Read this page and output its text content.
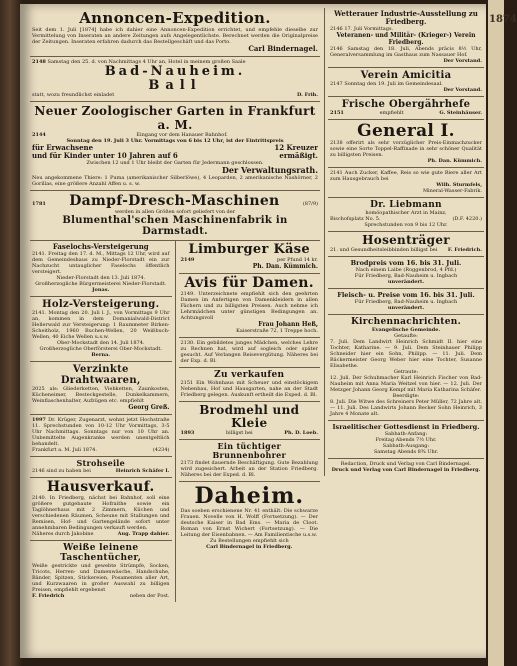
1874
Annoncen-Expedition.
Seit dem 1. Juli [1874] habe ich dahier eine Annoncen-Expedition errichtet, und empfehle dieselbe zur Vermittelung von Inseraten an andere Zeitungen aufs Angelegentlichste. Berechnet werden die Originalpreise der Zeitungen. Inseraten erfahren dadurch das Bestellgeschäft und das Porto.
Carl Bindernagel.
2148 Samstag den 25. d. von Nachmittags 4 Uhr an, Hotel in meinem großen Saale
Bad-Nauheim.
Ball
statt, wozu freundlichst einladet	D. Frih.
Neuer Zoologischer Garten in Frankfurt a. M.
2144	Eingang vor dem Hanauer Bahnhof.
Sonntag den 19. Juli 3 Uhr. Vormittags von 6 bis 12 Uhr, ist der Eintrittspreis
für Erwachsene	12 Kreuzer
und für Kinder unter 10 Jahren auf 6	ermäßigt.
Zwischen 12 und 1 Uhr bleibt der Garten für Jedermann geschlossen.
Der Verwaltungsrath.
Neu angekommene Thiere: 1 Puma (amerikanischer Silberlöwe), 4 Leoparden, 2 amerikanische Nashörner, 2 Gorillas, eine größere Anzahl Affen u. s. w.
1781 Dampf-Dresch-Maschinen	(87/9)
werden in allen Größen sofort geliefert von der
Blumenthal'schen Maschinenfabrik in Darmstadt.
Faselochs-Versteigerung
2141. Freitag den 17. d. M., Mittags 12 Uhr, wird auf dem Gemeindeshaus zu Nieder-Florstadt ein zur Nachzucht untauglicher Faselochs öffentlich versteigert.
Nieder-Florstadt den 13. Juli 1874.
Großherzogliche Bürgermeisterei Nieder-Florstadt.
Jonas.
Holz-Versteigerung.
2141. Montag den 20. Juli l. J., von Vormittags 9 Uhr an, kommen in dem Domanialwald-District Hellerwald zur Versteigerung: 1 Raummeter Birken-Scheitholz, 1960 Buchen-Wellen, 20 Weißbuch-Wellen, 40 Eiche Wellen u.s.w.
Ober-Mockstadt den 14. Juli 1874.
Großherzogliche Oberförsterei Ober-Mockstadt.
Berna.
Verzinkte Drahtwaaren,
2025 als: Gliederketten, Viehketten, Zaunkosten, Kücheneimer, Besteckgestelle, Dunkelkammern, Weinflaschenhalter, Aufzügen etc. empfiehlt
Georg Greß.
1997 Dr. Krüger, Zugenarzt, wohnt jetzt Hochstraße 11. Sprechstunden von 10-12 Uhr Vormittags, 3-5 Uhr Nachmittags. Sonntags nur von 10 Uhr an. Unbemittelte Augenkranke werden unentgeltlich behandelt.
Frankfurt a. M. Juli 1874.	(4234)
Strohseile
2146 sind zu haben bei	Heinrich Schäfer I.
Hausverkauf.
2140. In Friedberg, nächst bei Bahnhof, soll eine größere gutgebaute Hofraithe sowie ein Taglöhnerhaus mit 2 Zimmern, Küchen und verschiedenen Räumen, Scheune mit Stallungen und Remisen, Hof- und Gartengelände sofort unter annehmbaren Bedingungen verkauft werden.
Näheres durch Jakobine	Aug. Trapp dahier.
Weiße leinene Taschentücher,
Weiße gestrickte und gewebte Strümpfe, Socken, Tricots, Herren- und Damenwäsche, Handschuhe, Bänder, Spitzen, Stickereien, Posamenten aller Art, und Kurzwaaren in großer Auswahl zu billigen Preisen, empfiehlt ergebenst
F. Friedrich	neben der Post.
Limburger Käse
2149	per Pfund 14 kr.
Ph. Dan. Kümmich.
Avis für Damen.
2149. Unterzeichnete empfiehlt sich den geehrten Damen im Anfertigen von Damenkleidern in allen Fächern und zu billigsten Preisen. Auch nehme ich Lehrmädchen unter günstigen Bedingungen an. Achtungsvoll
Frau Johann Heß,
Kaiserstraße 72, 1 Treppe hoch.
2130. Ein gebildetes junges Mädchen, welches Lehre zu Rechnen hat, wird auf sogleich oder später gesucht. Auf Verlangen Reisevergütung. Näheres bei der Exp. d. Bl.
Zu verkaufen
2151 Ein Wohnhaus mit Scheuer und einstöckigem Nebenbau, Hof und Hausgarten, nahe an der Stadt Friedberg gelegen. Auskunft ertheilt die Exped. d. Bl.
Brodmehl und Kleie
1893	billigst bei	Ph. D. Loeb.
Ein tüchtiger Brunnenbohrer
2173 findet dauernde Beschäftigung. Gute Bezahlung wird zugesichert. Arbeit an der Station Friedberg. Näheres bei der Exped. d. Bl.
Daheim.
Das soeben erschienene Nr. 41 enthält: Die schwarze Frauen. Novelle von H. Wolff (Fortsetzung). — Der deutsche Kaiser in Bad Ems. — Maria de Cloot. Roman von Ernst Wichert (Fortsetzung). — Die Leitung der Eisenbahnen. — Am Familientische u.s.w.
Zu Bestellungen empfiehlt sich
Carl Bindernagel in Friedberg.
Wetterauer Industrie-Ausstellung zu Friedberg.
2146 17. Juli Vormittags.
Veteranen- und Militär- (Krieger-) Verein Friedberg.
2146 Samstag den 18. Juli, Abends präcis 8½ Uhr, Generalversammlung im Gasthaus zum Nassauer Hof.
Der Vorstand.
Verein Amicitia
2147 Sonntag den 19. Juli im Gemeindesaal.
Der Vorstand.
Frische Obergährhefe
2151	empfiehlt	G. Steinhäuser.
General I.
2138 offerirt als sehr vorzüglicher Preis-Einmachzucker sowie eine Sorte Toppel-Raffinade in sehr schöner Qualität zu billigsten Preisen.
Ph. Dan. Kümmich.
2141 Auch Zucker, Kaffee, Reis so wie gute Biere aller Art zum Hausgebrauch bei
Wilh. Sturmfels,
Mineral-Wasser-Fabrik.
Dr. Liebmann
homöopathischer Arzt in Mainz,
Bischofsplatz No. 5.	(D.F. 4220.)
Sprechstunden von 9 bis 12 Uhr.
Hosenträger
21. und Gesundheitsleibbinden billigst bei F. Friedrich.
Brodpreis vom 16. bis 31. Juli.
Nach einem Laibe (Roggenbrod, 4 Pfd.)
Für Friedberg, Bad-Nauheim u. Ingbach
unverändert.
Fleisch- u. Preise vom 16. bis 31. Juli.
Für Friedberg, Bad-Nauheim u. Ingbach
unverändert.
Kirchennachrichten.
Evangelische Gemeinde.
Getaufte:
7. Juli. Dem Landwirt Heinrich Schmidt II. hier eine Tochter, Katharine. — 9. Juli. Dem Steinhauer Philipp Schneider hier ein Sohn, Philipp. — 11. Juli. Dem Bäckermeister Georg Weber hier eine Tochter, Susanne Elisabethe.
Getraute:
12. Juli. Der Schuhmacher Karl Heinrich Fischer von Bad-Nauheim mit Anna Maria Weitzel von hier. — 12. Juli. Der Metzger Johann Georg Kempf mit Maria Katharina Schäfer.
Beerdigte:
8. Juli. Die Witwe des Schreiners Peter Müller, 72 Jahre alt. — 11. Juli. Des Landwirts Johann Becker Sohn Heinrich, 3 Jahre 4 Monate alt.
Israelitischer Gottesdienst in Friedberg.
Sabbath-Anfang:
Freitag Abends 7½ Uhr.
Sabbath-Ausgang:
Samstag Abends 8¾ Uhr.
Redaction, Druck und Verlag von Carl Bindernagel.
Druck und Verlag von Carl Bindernagel in Friedberg.
